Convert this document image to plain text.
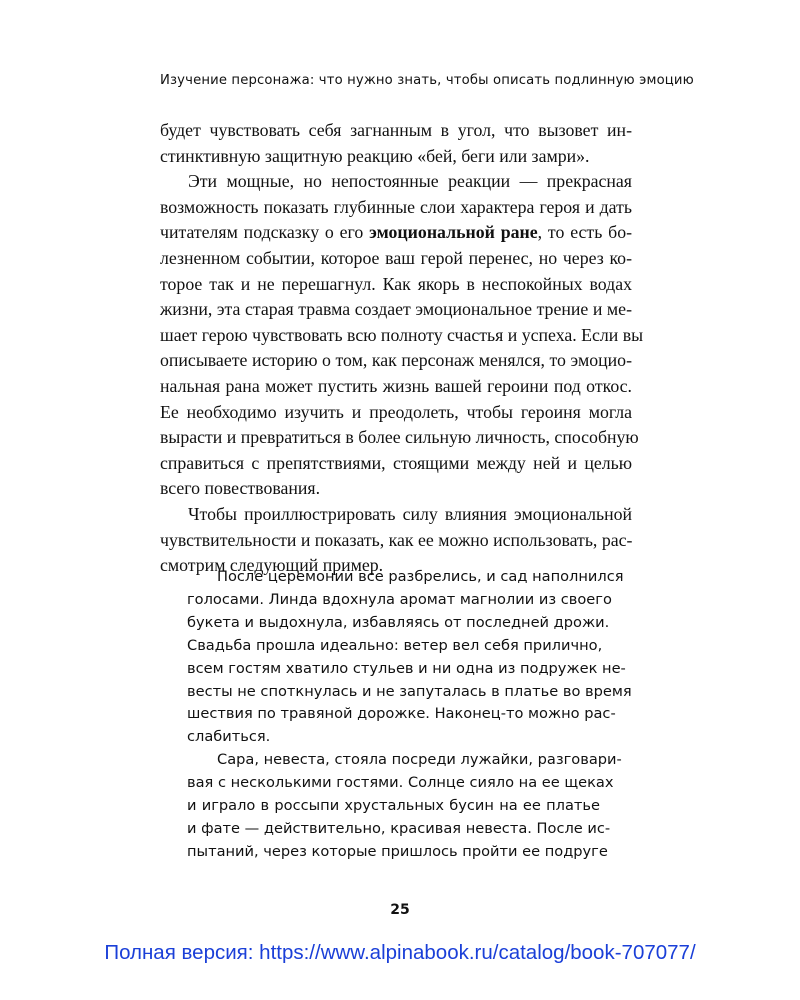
Изучение персонажа: что нужно знать, чтобы описать подлинную эмоцию
будет чувствовать себя загнанным в угол, что вызовет ин-
стинктивную защитную реакцию «бей, беги или замри».
Эти мощные, но непостоянные реакции — прекрасная
возможность показать глубинные слои характера героя и дать
читателям подсказку о его эмоциональной ране, то есть бо-
лезненном событии, которое ваш герой перенес, но через ко-
торое так и не перешагнул. Как якорь в неспокойных водах
жизни, эта старая травма создает эмоциональное трение и ме-
шает герою чувствовать всю полноту счастья и успеха. Если вы
описываете историю о том, как персонаж менялся, то эмоцио-
нальная рана может пустить жизнь вашей героини под откос.
Ее необходимо изучить и преодолеть, чтобы героиня могла
вырасти и превратиться в более сильную личность, способную
справиться с препятствиями, стоящими между ней и целью
всего повествования.
Чтобы проиллюстрировать силу влияния эмоциональной
чувствительности и показать, как ее можно использовать, рас-
смотрим следующий пример.
После церемонии все разбрелись, и сад наполнился
голосами. Линда вдохнула аромат магнолии из своего
букета и выдохнула, избавляясь от последней дрожи.
Свадьба прошла идеально: ветер вел себя прилично,
всем гостям хватило стульев и ни одна из подружек не-
весты не споткнулась и не запуталась в платье во время
шествия по травяной дорожке. Наконец-то можно рас-
слабиться.
Сара, невеста, стояла посреди лужайки, разговари-
вая с несколькими гостями. Солнце сияло на ее щеках
и играло в россыпи хрустальных бусин на ее платье
и фате — действительно, красивая невеста. После ис-
пытаний, через которые пришлось пройти ее подруге
25
Полная версия: https://www.alpinabook.ru/catalog/book-707077/
